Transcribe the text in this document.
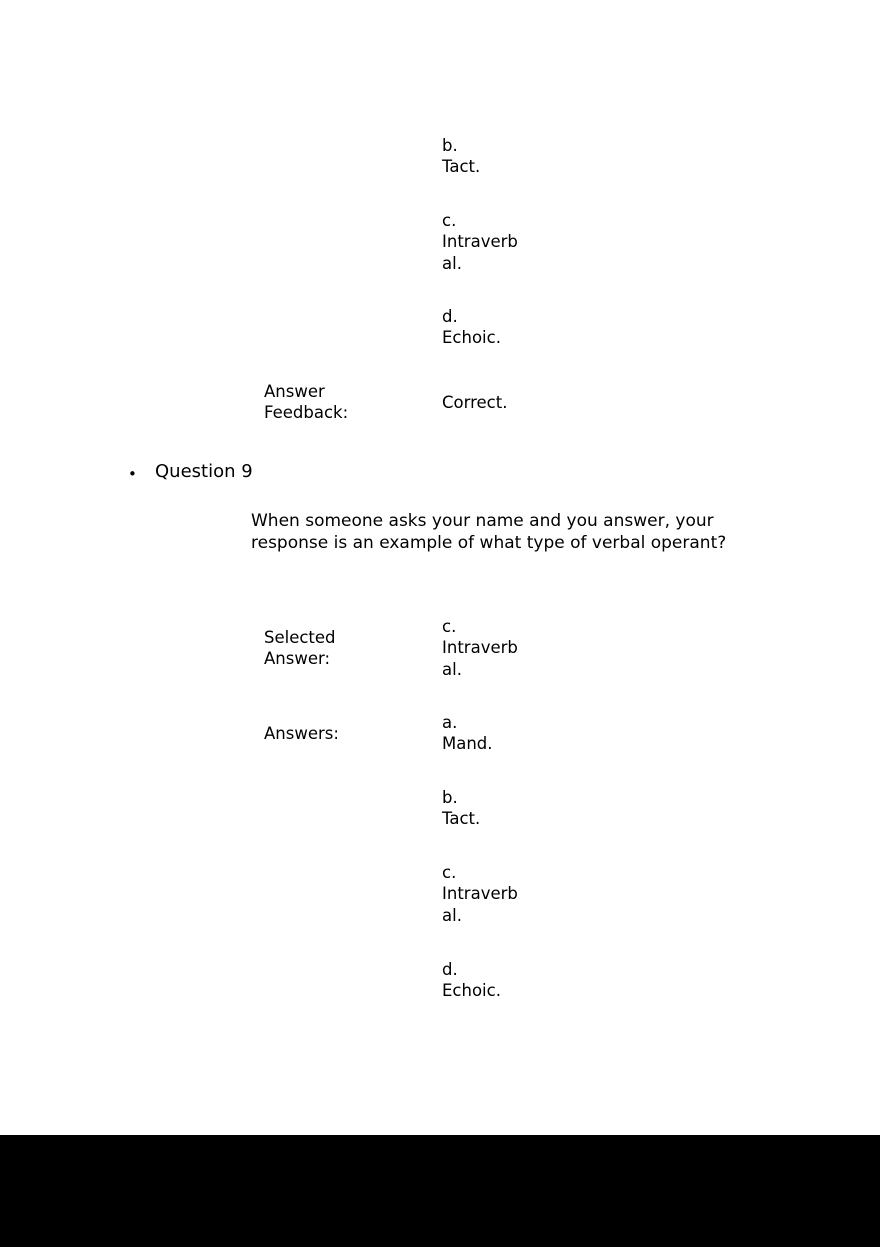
b.
Tact.
c.
Intraverbal.
d.
Echoic.
Answer Feedback:
Correct.
• Question 9
When someone asks your name and you answer, your response is an example of what type of verbal operant?
Selected Answer:
c.
Intraverbal.
Answers:
a.
Mand.
b.
Tact.
c.
Intraverbal.
d.
Echoic.
